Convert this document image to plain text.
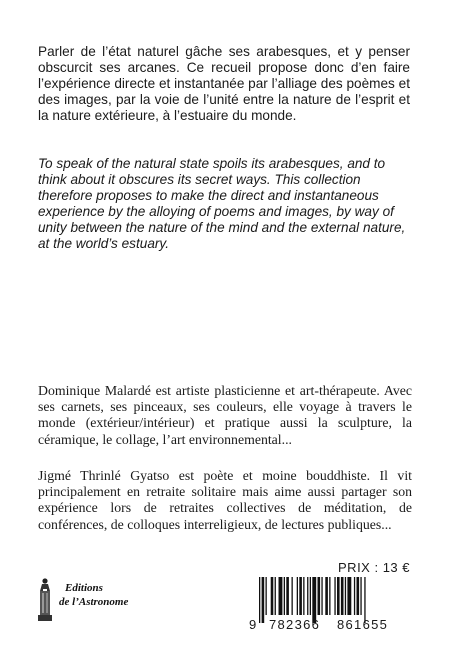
Parler de l’état naturel gâche ses arabesques, et y penser obscurcit ses arcanes. Ce recueil propose donc d’en faire l’expérience directe et instantanée par l’alliage des poèmes et des images, par la voie de l’unité entre la nature de l’esprit et la nature extérieure, à l’estuaire du monde.
To speak of the natural state spoils its arabesques, and to think about it obscures its secret ways. This collection therefore proposes to make the direct and instantaneous experience by the alloying of poems and images, by way of unity between the nature of the mind and the external nature, at the world’s estuary.
Dominique Malardé est artiste plasticienne et art-thérapeute. Avec ses carnets, ses pinceaux, ses couleurs, elle voyage à travers le monde (extérieur/intérieur) et pratique aussi la sculpture, la céramique, le collage, l’art environnemental...
Jigmé Thrinlé Gyatso est poète et moine bouddhiste. Il vit principalement en retraite solitaire mais aime aussi partager son expérience lors de retraites collectives de méditation, de conférences, de colloques interreligieux, de lectures publiques...
Editions
de l’Astronome
PRIX : 13 €
9 782366 861655
